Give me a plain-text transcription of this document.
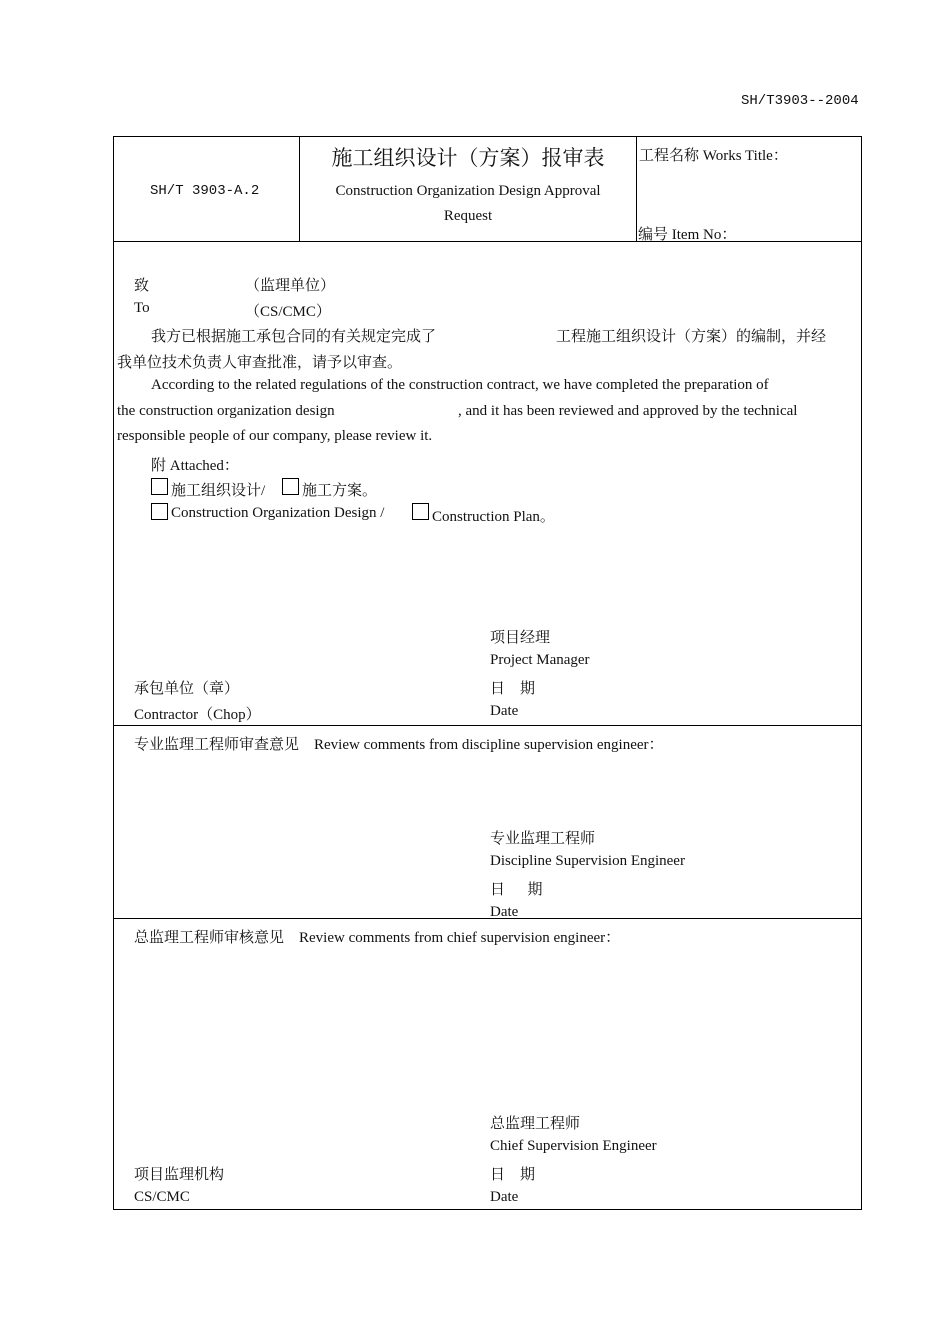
SH/T3903--2004
SH/T 3903-A.2
施工组织设计（方案）报审表
Construction Organization Design Approval
Request
工程名称 Works Title：
编号 Item No：
致	（监理单位）
To	（CS/CMC）
我方已根据施工承包合同的有关规定完成了	工程施工组织设计（方案）的编制，并经
我单位技术负责人审查批准，请予以审查。
According to the related regulations of the construction contract, we have completed the preparation of
the construction organization design	, and it has been reviewed and approved by the technical
responsible people of our company, please review it.
附 Attached：
施工组织设计/ 施工方案。
Construction Organization Design /	Construction Plan。
项目经理
Project Manager
承包单位（章）	日    期
Contractor（Chop）	Date
专业监理工程师审查意见    Review comments from discipline supervision engineer：
专业监理工程师
Discipline Supervision Engineer
日      期
Date
总监理工程师审核意见    Review comments from chief supervision engineer：
总监理工程师
Chief Supervision Engineer
项目监理机构	日    期
CS/CMC	Date
